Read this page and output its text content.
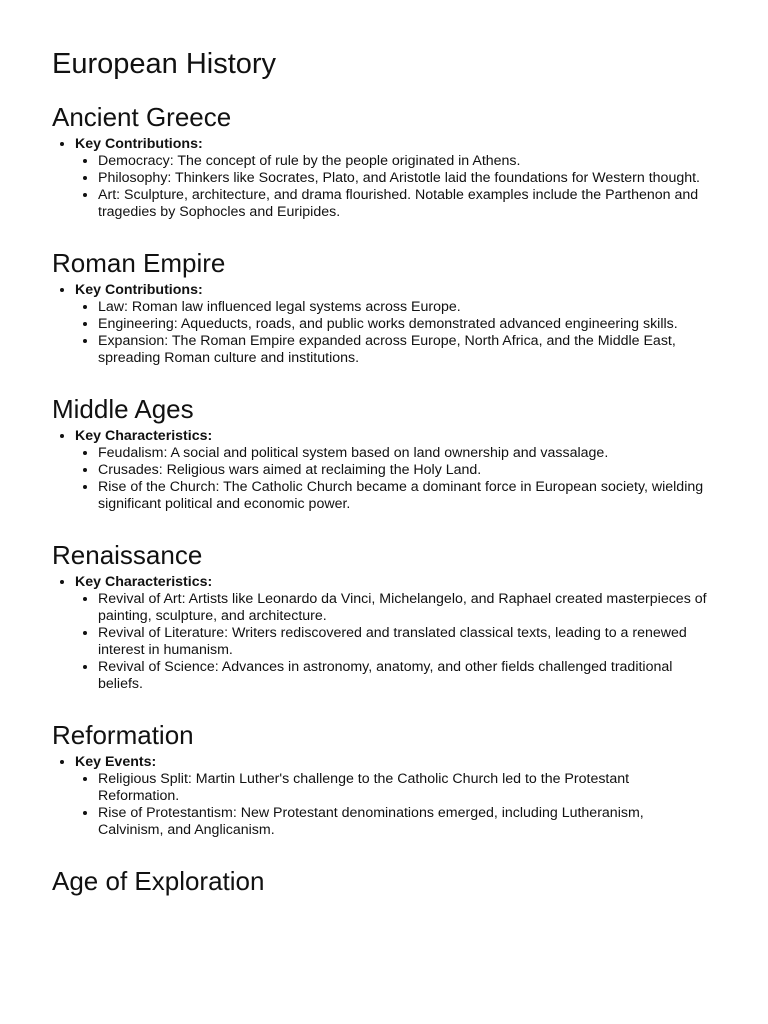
European History
Ancient Greece
• Key Contributions:
• Democracy: The concept of rule by the people originated in Athens.
• Philosophy: Thinkers like Socrates, Plato, and Aristotle laid the foundations for Western thought.
• Art: Sculpture, architecture, and drama flourished. Notable examples include the Parthenon and tragedies by Sophocles and Euripides.
Roman Empire
• Key Contributions:
• Law: Roman law influenced legal systems across Europe.
• Engineering: Aqueducts, roads, and public works demonstrated advanced engineering skills.
• Expansion: The Roman Empire expanded across Europe, North Africa, and the Middle East, spreading Roman culture and institutions.
Middle Ages
• Key Characteristics:
• Feudalism: A social and political system based on land ownership and vassalage.
• Crusades: Religious wars aimed at reclaiming the Holy Land.
• Rise of the Church: The Catholic Church became a dominant force in European society, wielding significant political and economic power.
Renaissance
• Key Characteristics:
• Revival of Art: Artists like Leonardo da Vinci, Michelangelo, and Raphael created masterpieces of painting, sculpture, and architecture.
• Revival of Literature: Writers rediscovered and translated classical texts, leading to a renewed interest in humanism.
• Revival of Science: Advances in astronomy, anatomy, and other fields challenged traditional beliefs.
Reformation
• Key Events:
• Religious Split: Martin Luther's challenge to the Catholic Church led to the Protestant Reformation.
• Rise of Protestantism: New Protestant denominations emerged, including Lutheranism, Calvinism, and Anglicanism.
Age of Exploration
